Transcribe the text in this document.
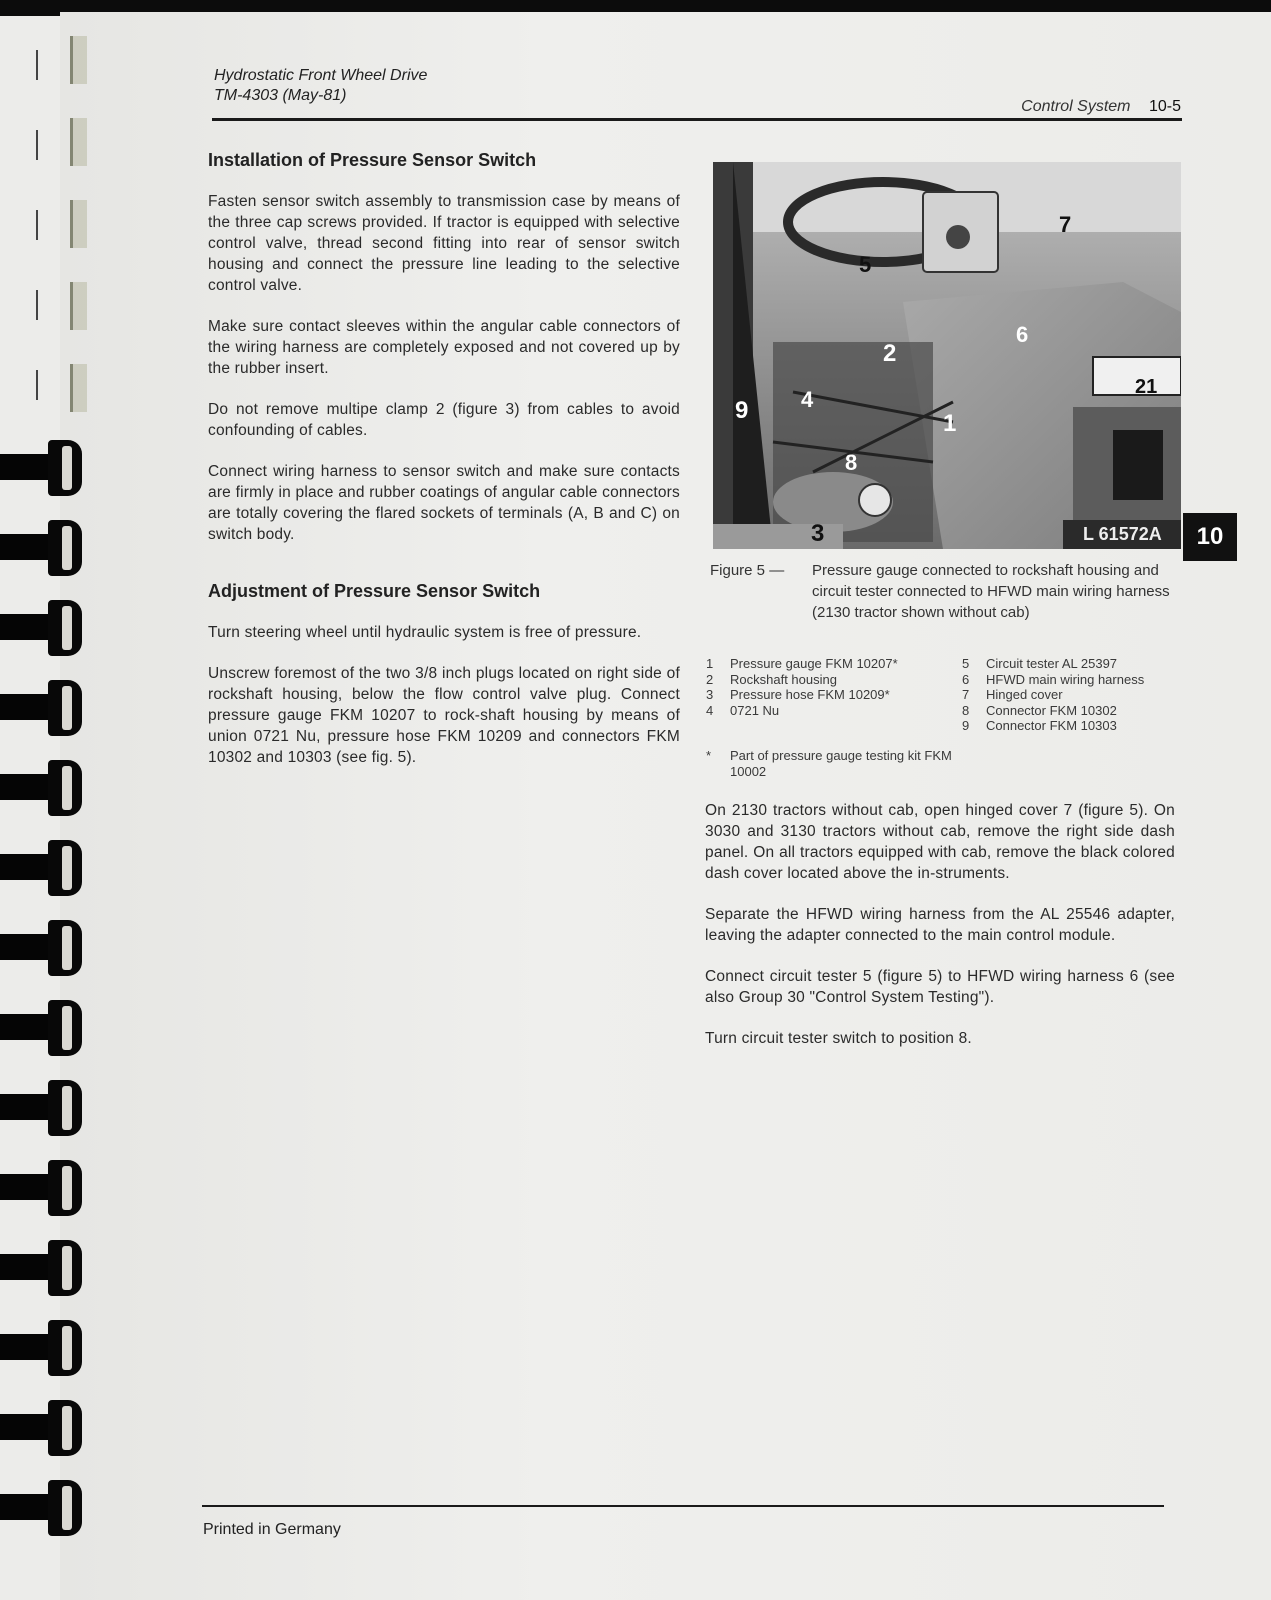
Hydrostatic Front Wheel Drive
TM-4303 (May-81)
Control System 10-5
10
Installation of Pressure Sensor Switch

Fasten sensor switch assembly to transmission case by means of the three cap screws provided. If tractor is equipped with selective control valve, thread second fitting into rear of sensor switch housing and connect the pressure line leading to the selective control valve.

Make sure contact sleeves within the angular cable connectors of the wiring harness are completely exposed and not covered up by the rubber insert.

Do not remove multipe clamp 2 (figure 3) from cables to avoid confounding of cables.

Connect wiring harness to sensor switch and make sure contacts are firmly in place and rubber coatings of angular cable connectors are totally covering the flared sockets of terminals (A, B and C) on switch body.

Adjustment of Pressure Sensor Switch

Turn steering wheel until hydraulic system is free of pressure.

Unscrew foremost of the two 3/8 inch plugs located on right side of rockshaft housing, below the flow control valve plug. Connect pressure gauge FKM 10207 to rock-shaft housing by means of union 0721 Nu, pressure hose FKM 10209 and connectors FKM 10302 and 10303 (see fig. 5).

5
7
6
2
4
9
8
1
3
21
L 61572A
Figure 5 —	Pressure gauge connected to rockshaft housing and circuit tester connected to HFWD main wiring harness (2130 tractor shown without cab)
1 Pressure gauge FKM 10207*
2 Rockshaft housing
3 Pressure hose FKM 10209*
4 0721 Nu
5 Circuit tester AL 25397
6 HFWD main wiring harness
7 Hinged cover
8 Connector FKM 10302
9 Connector FKM 10303
* Part of pressure gauge testing kit FKM 10002

On 2130 tractors without cab, open hinged cover 7 (figure 5). On 3030 and 3130 tractors without cab, remove the right side dash panel. On all tractors equipped with cab, remove the black colored dash cover located above the in-struments.

Separate the HFWD wiring harness from the AL 25546 adapter, leaving the adapter connected to the main control module.

Connect circuit tester 5 (figure 5) to HFWD wiring harness 6 (see also Group 30 "Control System Testing").

Turn circuit tester switch to position 8.

Printed in Germany
